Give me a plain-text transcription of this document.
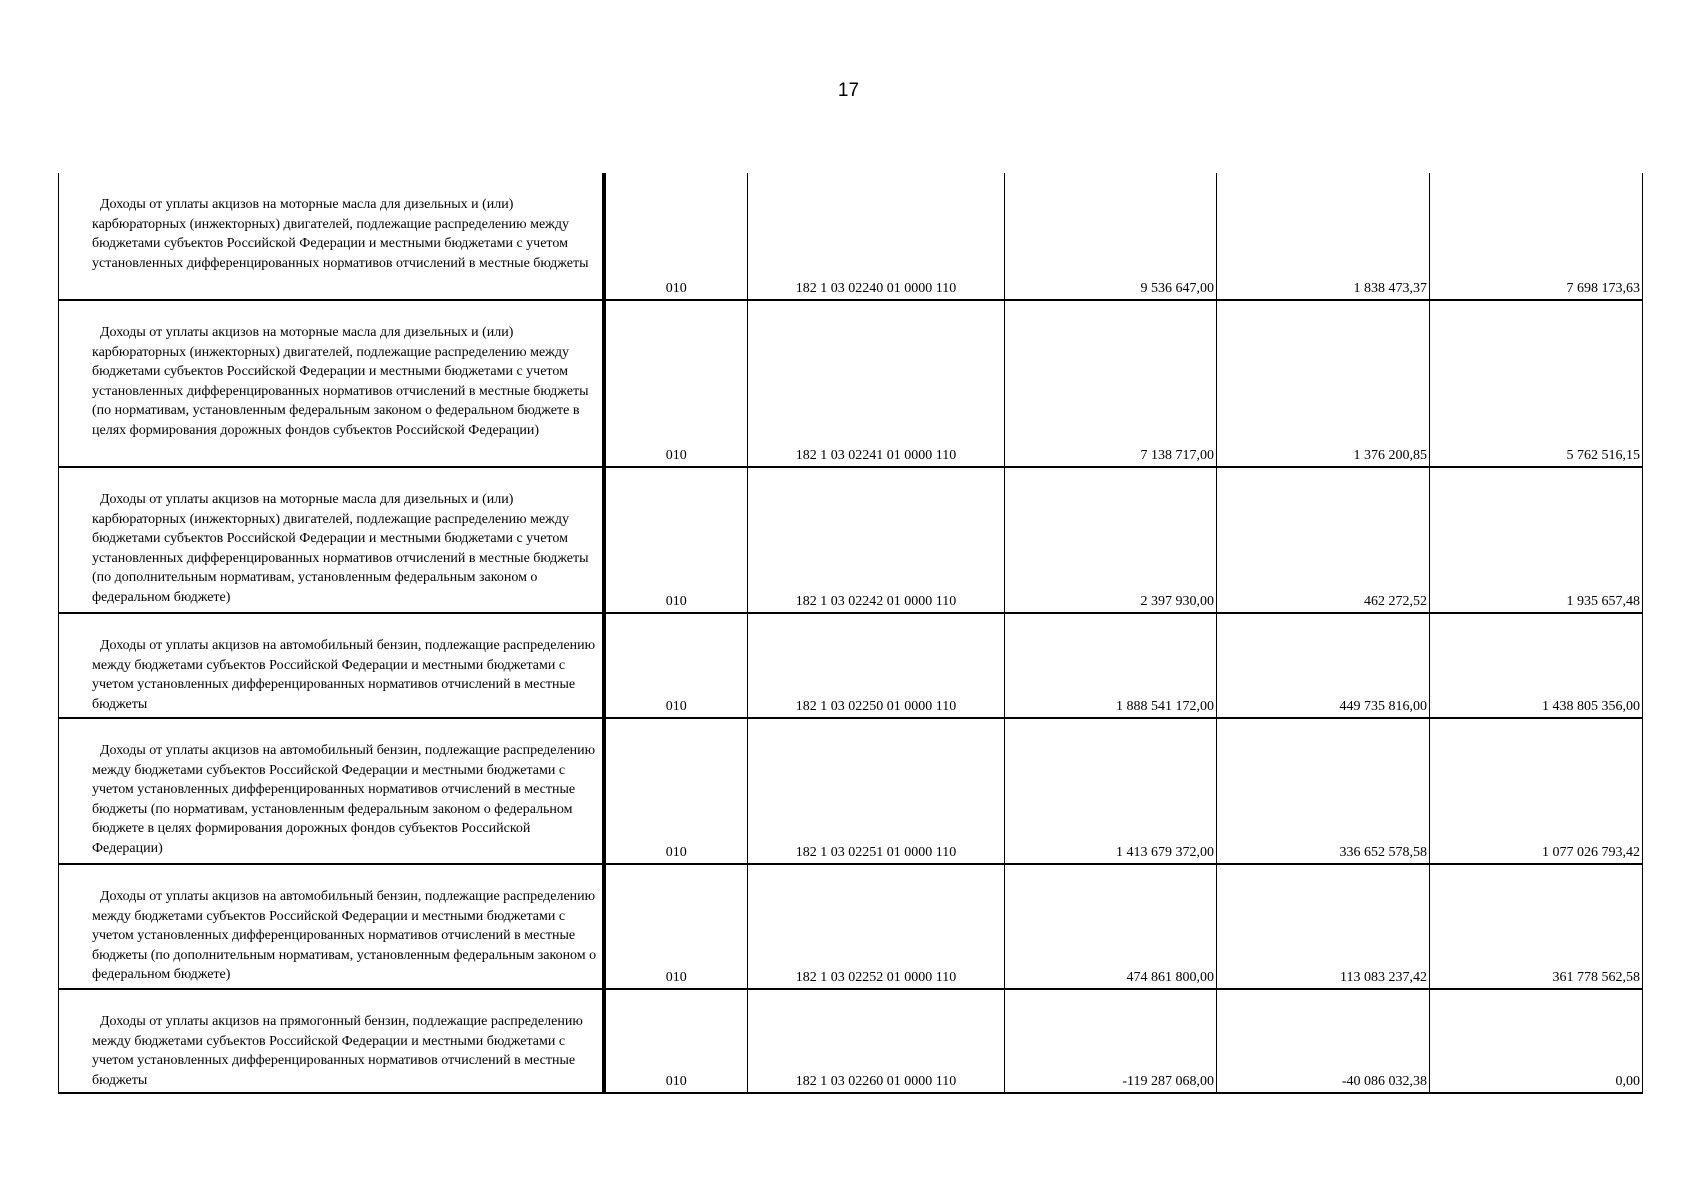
17
Доходы от уплаты акцизов на моторные масла для дизельных и (или) карбюраторных (инжекторных) двигателей, подлежащие распределению между бюджетами субъектов Российской Федерации и местными бюджетами с учетом установленных дифференцированных нормативов отчислений в местные бюджеты	010	182 1 03 02240 01 0000 110	9 536 647,00	1 838 473,37	7 698 173,63

Доходы от уплаты акцизов на моторные масла для дизельных и (или) карбюраторных (инжекторных) двигателей, подлежащие распределению между бюджетами субъектов Российской Федерации и местными бюджетами с учетом установленных дифференцированных нормативов отчислений в местные бюджеты (по нормативам, установленным федеральным законом о федеральном бюджете в целях формирования дорожных фондов субъектов Российской Федерации)	010	182 1 03 02241 01 0000 110	7 138 717,00	1 376 200,85	5 762 516,15

Доходы от уплаты акцизов на моторные масла для дизельных и (или) карбюраторных (инжекторных) двигателей, подлежащие распределению между бюджетами субъектов Российской Федерации и местными бюджетами с учетом установленных дифференцированных нормативов отчислений в местные бюджеты (по дополнительным нормативам, установленным федеральным законом о федеральном бюджете)	010	182 1 03 02242 01 0000 110	2 397 930,00	462 272,52	1 935 657,48

Доходы от уплаты акцизов на автомобильный бензин, подлежащие распределению между бюджетами субъектов Российской Федерации и местными бюджетами с учетом установленных дифференцированных нормативов отчислений в местные бюджеты	010	182 1 03 02250 01 0000 110	1 888 541 172,00	449 735 816,00	1 438 805 356,00

Доходы от уплаты акцизов на автомобильный бензин, подлежащие распределению между бюджетами субъектов Российской Федерации и местными бюджетами с учетом установленных дифференцированных нормативов отчислений в местные бюджеты (по нормативам, установленным федеральным законом о федеральном бюджете в целях формирования дорожных фондов субъектов Российской Федерации)	010	182 1 03 02251 01 0000 110	1 413 679 372,00	336 652 578,58	1 077 026 793,42

Доходы от уплаты акцизов на автомобильный бензин, подлежащие распределению между бюджетами субъектов Российской Федерации и местными бюджетами с учетом установленных дифференцированных нормативов отчислений в местные бюджеты (по дополнительным нормативам, установленным федеральным законом о федеральном бюджете)	010	182 1 03 02252 01 0000 110	474 861 800,00	113 083 237,42	361 778 562,58

Доходы от уплаты акцизов на прямогонный бензин, подлежащие распределению между бюджетами субъектов Российской Федерации и местными бюджетами с учетом установленных дифференцированных нормативов отчислений в местные бюджеты	010	182 1 03 02260 01 0000 110	-119 287 068,00	-40 086 032,38	0,00
